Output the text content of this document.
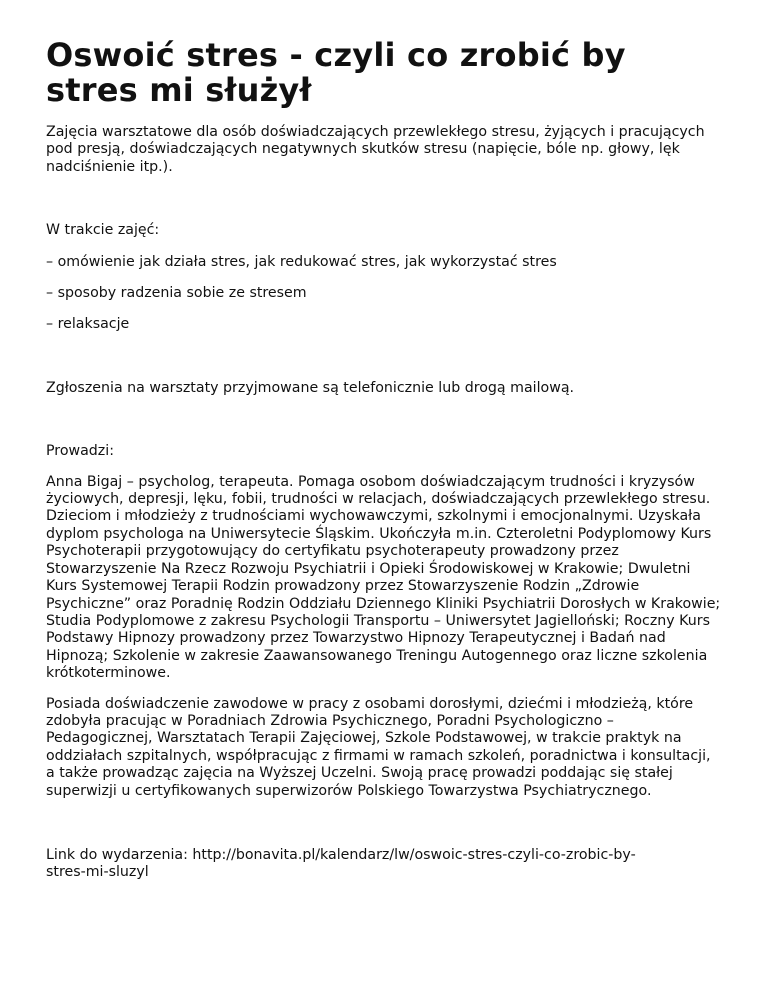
Oswoić stres - czyli co zrobić by stres mi służył

Zajęcia warsztatowe dla osób doświadczających przewlekłego stresu, żyjących i pracujących pod presją, doświadczających negatywnych skutków stresu (napięcie, bóle np. głowy, lęk nadciśnienie itp.).

W trakcie zajęć:

– omówienie jak działa stres, jak redukować stres, jak wykorzystać stres

– sposoby radzenia sobie ze stresem

– relaksacje

Zgłoszenia na warsztaty przyjmowane są telefonicznie lub drogą mailową.

Prowadzi:

Anna Bigaj – psycholog, terapeuta. Pomaga osobom doświadczającym trudności i kryzysów życiowych, depresji, lęku, fobii, trudności w relacjach, doświadczających przewlekłego stresu. Dzieciom i młodzieży z trudnościami wychowawczymi, szkolnymi i emocjonalnymi. Uzyskała dyplom psychologa na Uniwersytecie Śląskim. Ukończyła m.in. Czteroletni Podyplomowy Kurs Psychoterapii przygotowujący do certyfikatu psychoterapeuty prowadzony przez Stowarzyszenie Na Rzecz Rozwoju Psychiatrii i Opieki Środowiskowej w Krakowie; Dwuletni Kurs Systemowej Terapii Rodzin prowadzony przez Stowarzyszenie Rodzin „Zdrowie Psychiczne” oraz Poradnię Rodzin Oddziału Dziennego Kliniki Psychiatrii Dorosłych w Krakowie; Studia Podyplomowe z zakresu Psychologii Transportu – Uniwersytet Jagielloński; Roczny Kurs Podstawy Hipnozy prowadzony przez Towarzystwo Hipnozy Terapeutycznej i Badań nad Hipnozą; Szkolenie w zakresie Zaawansowanego Treningu Autogennego oraz liczne szkolenia krótkoterminowe.

Posiada doświadczenie zawodowe w pracy z osobami dorosłymi, dziećmi i młodzieżą, które zdobyła pracując w Poradniach Zdrowia Psychicznego, Poradni Psychologiczno – Pedagogicznej, Warsztatach Terapii Zajęciowej, Szkole Podstawowej, w trakcie praktyk na oddziałach szpitalnych, współpracując z firmami w ramach szkoleń, poradnictwa i konsultacji, a także prowadząc zajęcia na Wyższej Uczelni. Swoją pracę prowadzi poddając się stałej superwizji u certyfikowanych superwizorów Polskiego Towarzystwa Psychiatrycznego.

Link do wydarzenia: http://bonavita.pl/kalendarz/lw/oswoic-stres-czyli-co-zrobic-by-
stres-mi-sluzyl
